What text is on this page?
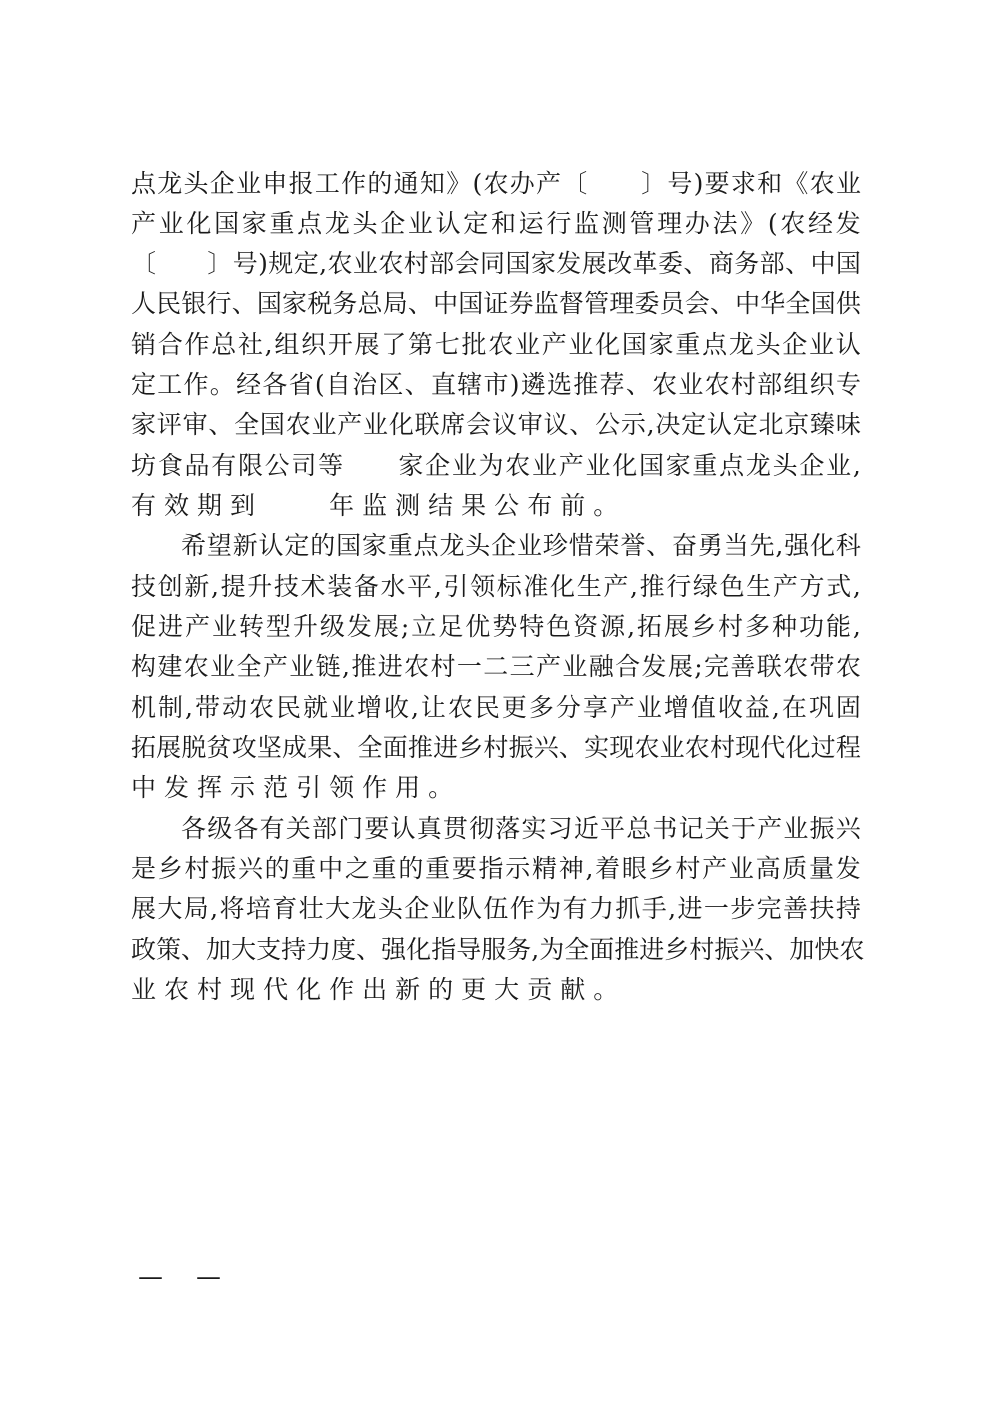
点 龙 头 企 业 申 报 工 作 的 通 知 》 ( 农 办 产 〔

　 〕 号 ) 要 求 和 《 农 业
产 业 化 国 家 重 点 龙 头 企 业 认 定 和 运 行 监 测 管 理 办 法 》 ( 农 经 发
〔

　 〕 号 ) 规 定 , 农 业 农 村 部 会 同 国 家 发 展 改 革 委 、 商 务 部 、 中 国
人 民 银 行 、 国 家 税 务 总 局 、 中 国 证 券 监 督 管 理 委 员 会 、 中 华 全 国 供
销 合 作 总 社 , 组 织 开 展 了 第 七 批 农 业 产 业 化 国 家 重 点 龙 头 企 业 认
定 工 作 。 经 各 省 ( 自 治 区 、 直 辖 市 ) 遴 选 推 荐 、 农 业 农 村 部 组 织 专
家 评 审 、 全 国 农 业 产 业 化 联 席 会 议 审 议 、 公 示 , 决 定 认 定 北 京 臻 味
坊 食 品 有 限 公 司 等

　 家 企 业 为 农 业 产 业 化 国 家 重 点 龙 头 企 业 ,
有 效 期 到

　	年 监 测 结 果 公 布 前 。
希 望 新 认 定 的 国 家 重 点 龙 头 企 业 珍 惜 荣 誉 、 奋 勇 当 先 , 强 化 科
技 创 新 , 提 升 技 术 装 备 水 平 , 引 领 标 准 化 生 产 , 推 行 绿 色 生 产 方 式 ,
促 进 产 业 转 型 升 级 发 展 ; 立 足 优 势 特 色 资 源 , 拓 展 乡 村 多 种 功 能 ,
构 建 农 业 全 产 业 链 , 推 进 农 村 一 二 三 产 业 融 合 发 展 ; 完 善 联 农 带 农
机 制 , 带 动 农 民 就 业 增 收 , 让 农 民 更 多 分 享 产 业 增 值 收 益 , 在 巩 固
拓 展 脱 贫 攻 坚 成 果 、 全 面 推 进 乡 村 振 兴 、 实 现 农 业 农 村 现 代 化 过 程
中 发 挥 示 范 引 领 作 用 。
各 级 各 有 关 部 门 要 认 真 贯 彻 落 实 习 近 平 总 书 记 关 于 产 业 振 兴
是 乡 村 振 兴 的 重 中 之 重 的 重 要 指 示 精 神 , 着 眼 乡 村 产 业 高 质 量 发
展 大 局 , 将 培 育 壮 大 龙 头 企 业 队 伍 作 为 有 力 抓 手 , 进 一 步 完 善 扶 持
政 策 、 加 大 支 持 力 度 、 强 化 指 导 服 务 , 为 全 面 推 进 乡 村 振 兴 、 加 快 农
业 农 村 现 代 化 作 出 新 的 更 大 贡 献 。
— —
